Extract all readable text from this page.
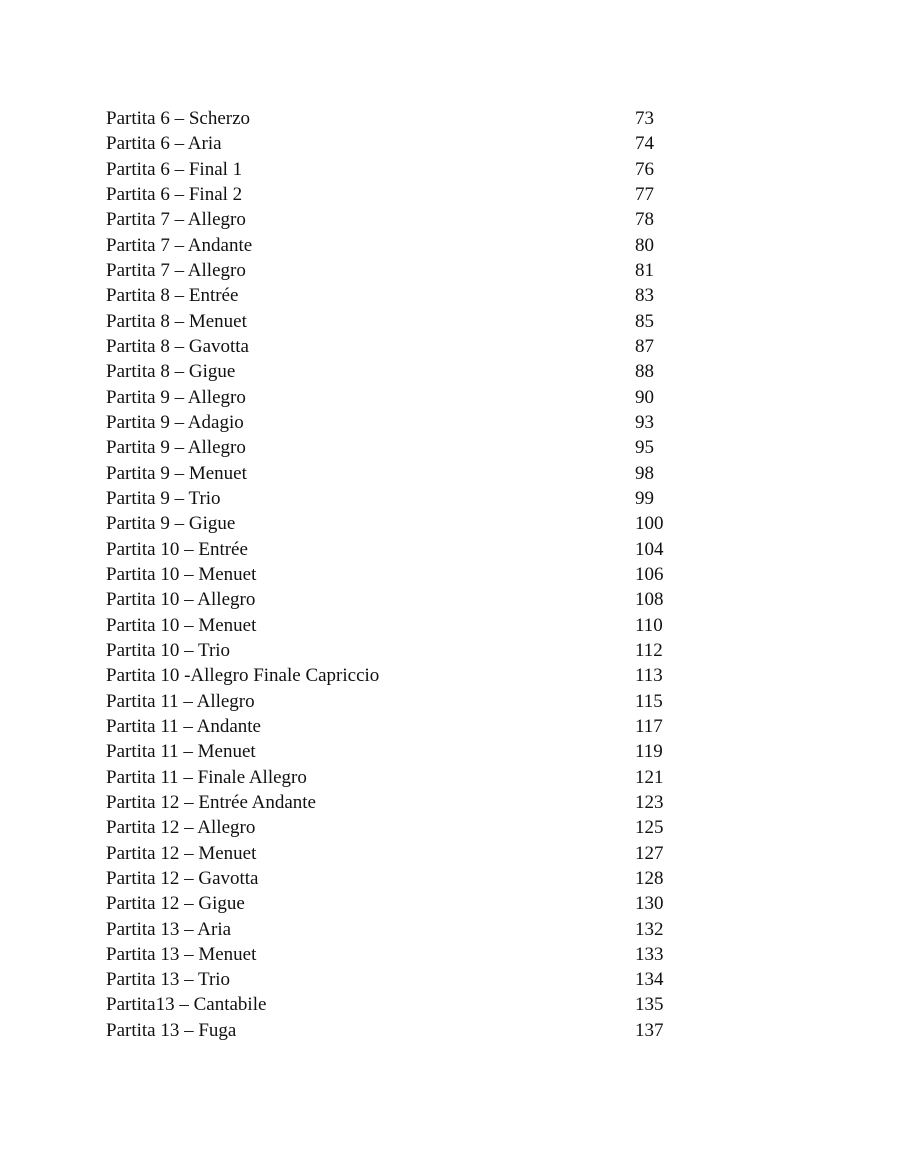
Partita 6 – Scherzo	73
Partita 6 – Aria	74
Partita 6 – Final 1	76
Partita 6 – Final 2	77
Partita 7 – Allegro	78
Partita 7 – Andante	80
Partita 7 – Allegro	81
Partita 8 – Entrée	83
Partita 8 – Menuet	85
Partita 8 – Gavotta	87
Partita 8 – Gigue	88
Partita 9 – Allegro	90
Partita 9 – Adagio	93
Partita 9 – Allegro	95
Partita 9 – Menuet	98
Partita 9 – Trio	99
Partita 9 – Gigue	100
Partita 10 – Entrée	104
Partita 10 – Menuet	106
Partita 10 – Allegro	108
Partita 10 – Menuet	110
Partita 10 – Trio	112
Partita 10 -Allegro Finale Capriccio	113
Partita 11 – Allegro	115
Partita 11 – Andante	117
Partita 11 – Menuet	119
Partita 11 – Finale Allegro	121
Partita 12 – Entrée Andante	123
Partita 12 – Allegro	125
Partita 12 – Menuet	127
Partita 12 – Gavotta	128
Partita 12 – Gigue	130
Partita 13 – Aria	132
Partita 13 – Menuet	133
Partita 13 – Trio	134
Partita13 – Cantabile	135
Partita 13 – Fuga	137
